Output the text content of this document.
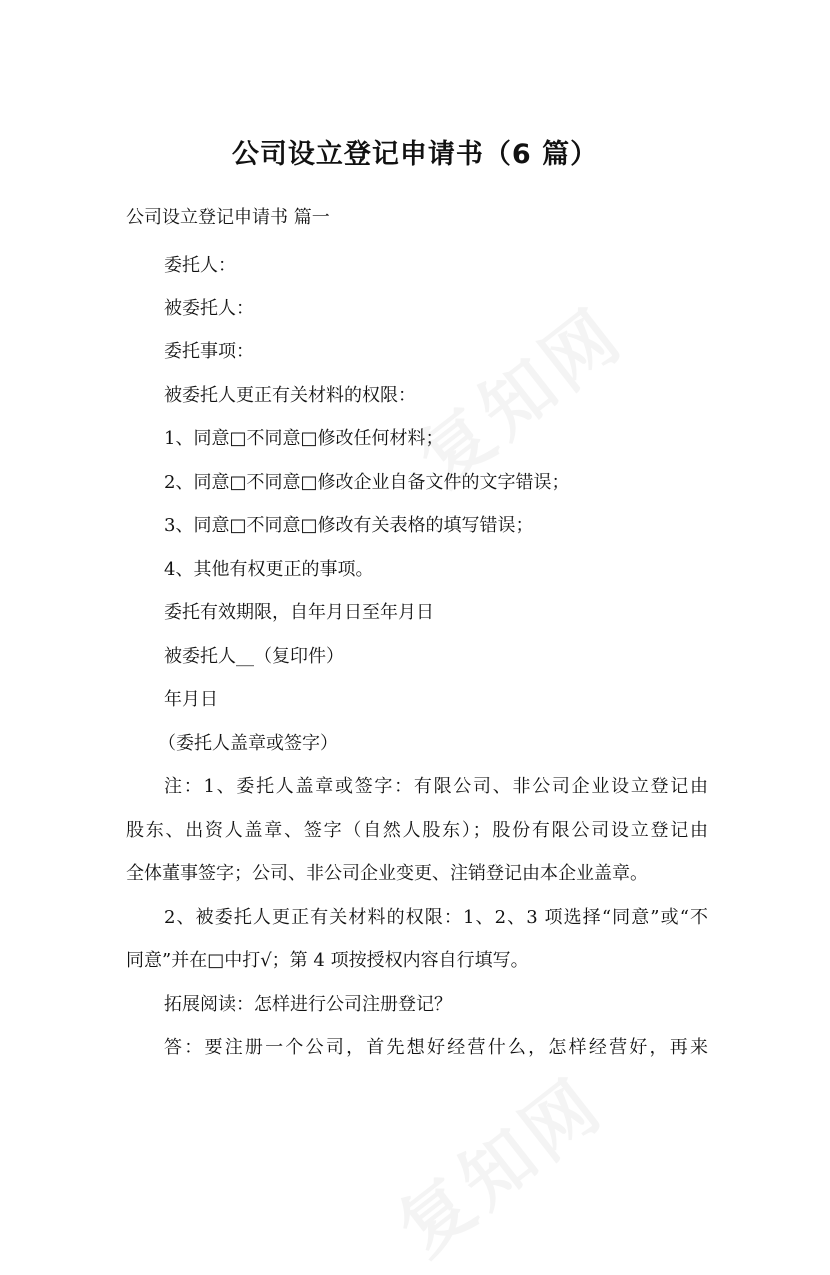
公司设立登记申请书（6 篇）

公司设立登记申请书 篇一

委托人：

被委托人：

委托事项：

被委托人更正有关材料的权限：

1、同意□不同意□修改任何材料；

2、同意□不同意□修改企业自备文件的文字错误；

3、同意□不同意□修改有关表格的填写错误；

4、其他有权更正的事项。

委托有效期限，自年月日至年月日

被委托人__（复印件）

年月日

（委托人盖章或签字）

注：1、委托人盖章或签字：有限公司、非公司企业设立登记由

股东、出资人盖章、签字（自然人股东）；股份有限公司设立登记由

全体董事签字；公司、非公司企业变更、注销登记由本企业盖章。

2、被委托人更正有关材料的权限：1、2、3 项选择“同意”或“不

同意”并在□中打√；第 4 项按授权内容自行填写。

拓展阅读：怎样进行公司注册登记？

答：要注册一个公司，首先想好经营什么，怎样经营好，再来
